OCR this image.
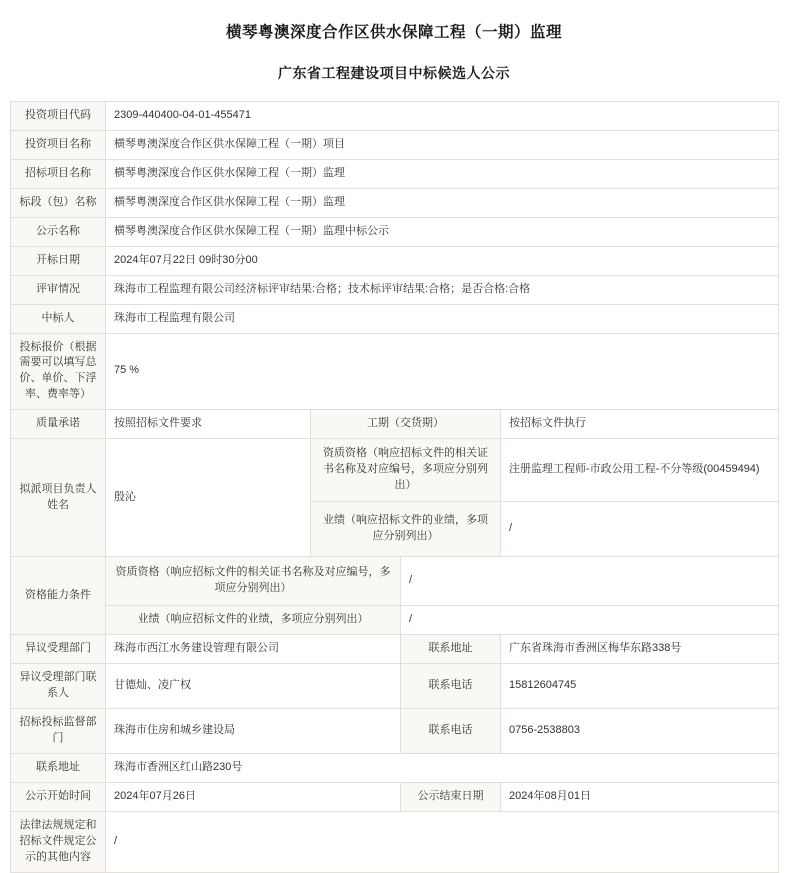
横琴粤澳深度合作区供水保障工程（一期）监理
广东省工程建设项目中标候选人公示
投资项目代码	2309-440400-04-01-455471			
投资项目名称	横琴粤澳深度合作区供水保障工程（一期）项目			
招标项目名称	横琴粤澳深度合作区供水保障工程（一期）监理			
标段（包）名称	横琴粤澳深度合作区供水保障工程（一期）监理			
公示名称	横琴粤澳深度合作区供水保障工程（一期）监理中标公示			
开标日期	2024年07月22日 09时30分00			
评审情况	珠海市工程监理有限公司经济标评审结果:合格；技术标评审结果:合格；是否合格:合格			
中标人	珠海市工程监理有限公司			
投标报价（根据需要可以填写总价、单价、下浮率、费率等）	75 %			
质量承诺	按照招标文件要求	工期（交货期）		按招标文件执行
拟派项目负责人姓名	殷沁	资质资格（响应招标文件的相关证书名称及对应编号，多项应分别列出）		注册监理工程师-市政公用工程-不分等级(00459494)
		业绩（响应招标文件的业绩，多项应分别列出）		/
资格能力条件	资质资格（响应招标文件的相关证书名称及对应编号，多项应分别列出）		/	
	业绩（响应招标文件的业绩，多项应分别列出）		/	
异议受理部门	珠海市西江水务建设管理有限公司		联系地址	广东省珠海市香洲区梅华东路338号
异议受理部门联系人	甘德灿、凌广权		联系电话	15812604745
招标投标监督部门	珠海市住房和城乡建设局		联系电话	0756-2538803
联系地址	珠海市香洲区红山路230号			
公示开始时间	2024年07月26日		公示结束日期	2024年08月01日
法律法规规定和招标文件规定公示的其他内容	/			
